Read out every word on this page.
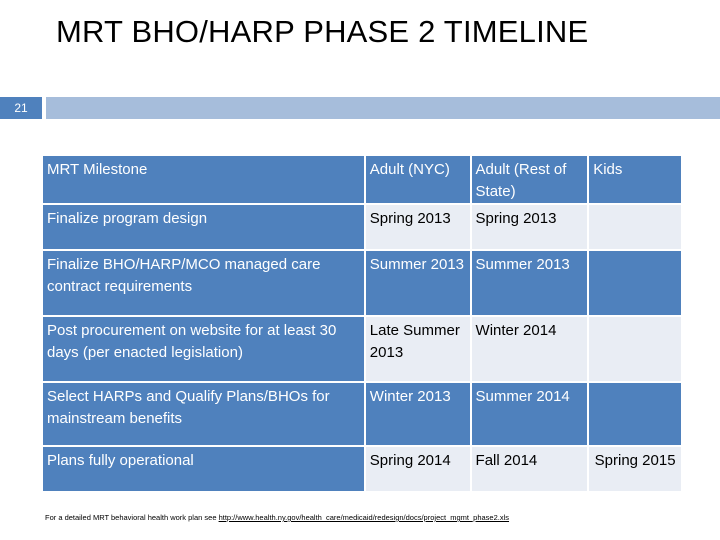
MRT BHO/HARP PHASE 2 TIMELINE
21
MRT Milestone	Adult (NYC)	Adult (Rest of State)	Kids
Finalize program design	Spring 2013	Spring 2013	
Finalize BHO/HARP/MCO managed care contract requirements	Summer 2013	Summer 2013	
Post procurement on website for at least 30 days (per enacted legislation)	Late Summer 2013	Winter 2014	
Select HARPs and Qualify Plans/BHOs for mainstream benefits	Winter 2013	Summer 2014	
Plans fully operational	Spring 2014	Fall 2014	Spring 2015
For a detailed MRT behavioral health work plan see http://www.health.ny.gov/health_care/medicaid/redesign/docs/project_mgmt_phase2.xls
